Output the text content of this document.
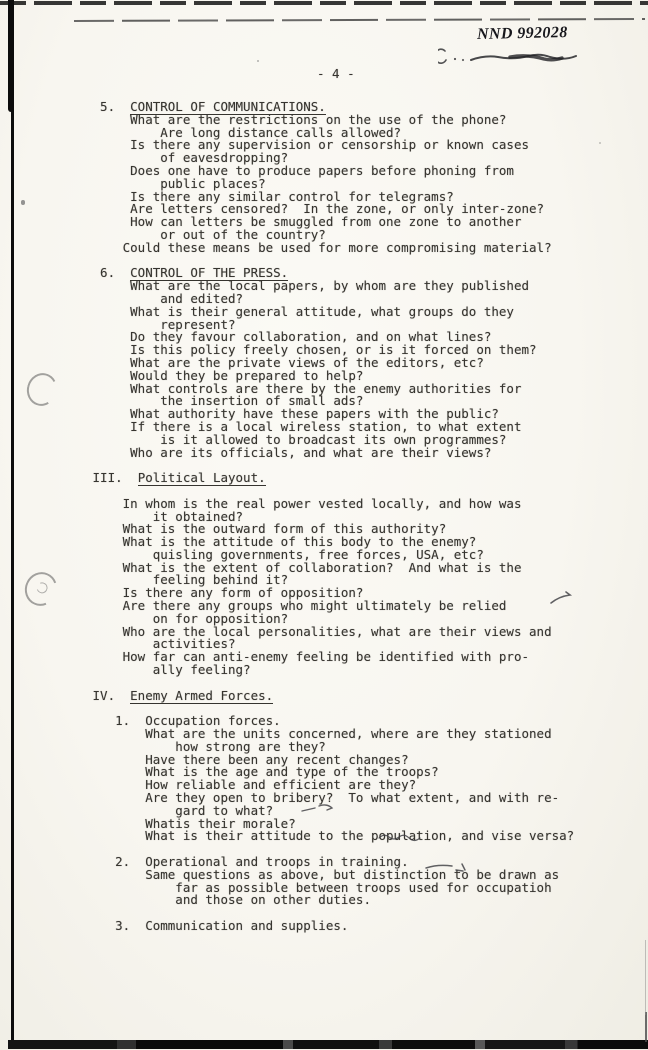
NND 992028
- 4 -
5.  CONTROL OF COMMUNICATIONS.
What are the restrictions on the use of the phone?
Are long distance calls allowed?
Is there any supervision or censorship or known cases
of eavesdropping?
Does one have to produce papers before phoning from
public places?
Is there any similar control for telegrams?
Are letters censored?  In the zone, or only inter-zone?
How can letters be smuggled from one zone to another
or out of the country?
Could these means be used for more compromising material?

6.  CONTROL OF THE PRESS.
What are the local papers, by whom are they published
and edited?
What is their general attitude, what groups do they
represent?
Do they favour collaboration, and on what lines?
Is this policy freely chosen, or is it forced on them?
What are the private views of the editors, etc?
Would they be prepared to help?
What controls are there by the enemy authorities for
the insertion of small ads?
What authority have these papers with the public?
If there is a local wireless station, to what extent
is it allowed to broadcast its own programmes?
Who are its officials, and what are their views?

III.  Political Layout.

In whom is the real power vested locally, and how was
it obtained?
What is the outward form of this authority?
What is the attitude of this body to the enemy?
quisling governments, free forces, USA, etc?
What is the extent of collaboration?  And what is the
feeling behind it?
Is there any form of opposition?
Are there any groups who might ultimately be relied
on for opposition?
Who are the local personalities, what are their views and
activities?
How far can anti-enemy feeling be identified with pro-
ally feeling?

IV.  Enemy Armed Forces.

1.  Occupation forces.
What are the units concerned, where are they stationed
how strong are they?
Have there been any recent changes?
What is the age and type of the troops?
How reliable and efficient are they?
Are they open to bribery?  To what extent, and with re-
gard to what?
Whatis their morale?
What is their attitude to the population, and vise versa?

2.  Operational and troops in training.
Same questions as above, but distinction to be drawn as
far as possible between troops used for occupatioh
and those on other duties.

3.  Communication and supplies.
